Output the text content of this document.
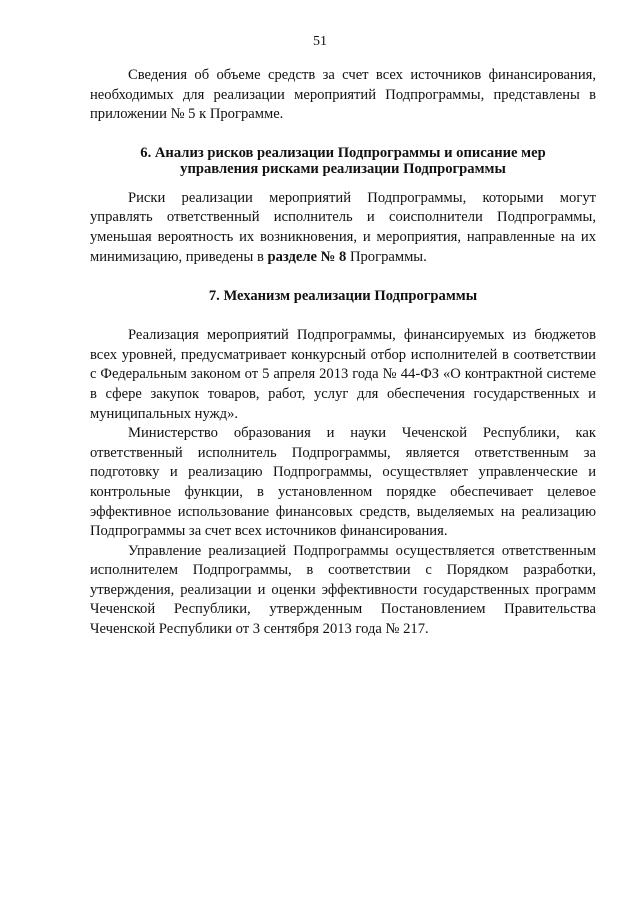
51

Сведения об объеме средств за счет всех источников финансирования, необходимых для реализации мероприятий Подпрограммы, представлены в приложении № 5 к Программе.

6. Анализ рисков реализации Подпрограммы и описание мер
управления рисками реализации Подпрограммы

Риски реализации мероприятий Подпрограммы, которыми могут управлять ответственный исполнитель и соисполнители Подпрограммы, уменьшая вероятность их возникновения, и мероприятия, направленные на их минимизацию, приведены в разделе № 8 Программы.

7. Механизм реализации Подпрограммы

Реализация мероприятий Подпрограммы, финансируемых из бюджетов всех уровней, предусматривает конкурсный отбор исполнителей в соответствии с Федеральным законом от 5 апреля 2013 года № 44-ФЗ «О контрактной системе в сфере закупок товаров, работ, услуг для обеспечения государственных и муниципальных нужд».

Министерство образования и науки Чеченской Республики, как ответственный исполнитель Подпрограммы, является ответственным за подготовку и реализацию Подпрограммы, осуществляет управленческие и контрольные функции, в установленном порядке обеспечивает целевое эффективное использование финансовых средств, выделяемых на реализацию Подпрограммы за счет всех источников финансирования.

Управление реализацией Подпрограммы осуществляется ответственным исполнителем Подпрограммы, в соответствии с Порядком разработки, утверждения, реализации и оценки эффективности государственных программ Чеченской Республики, утвержденным Постановлением Правительства Чеченской Республики от 3 сентября 2013 года № 217.
